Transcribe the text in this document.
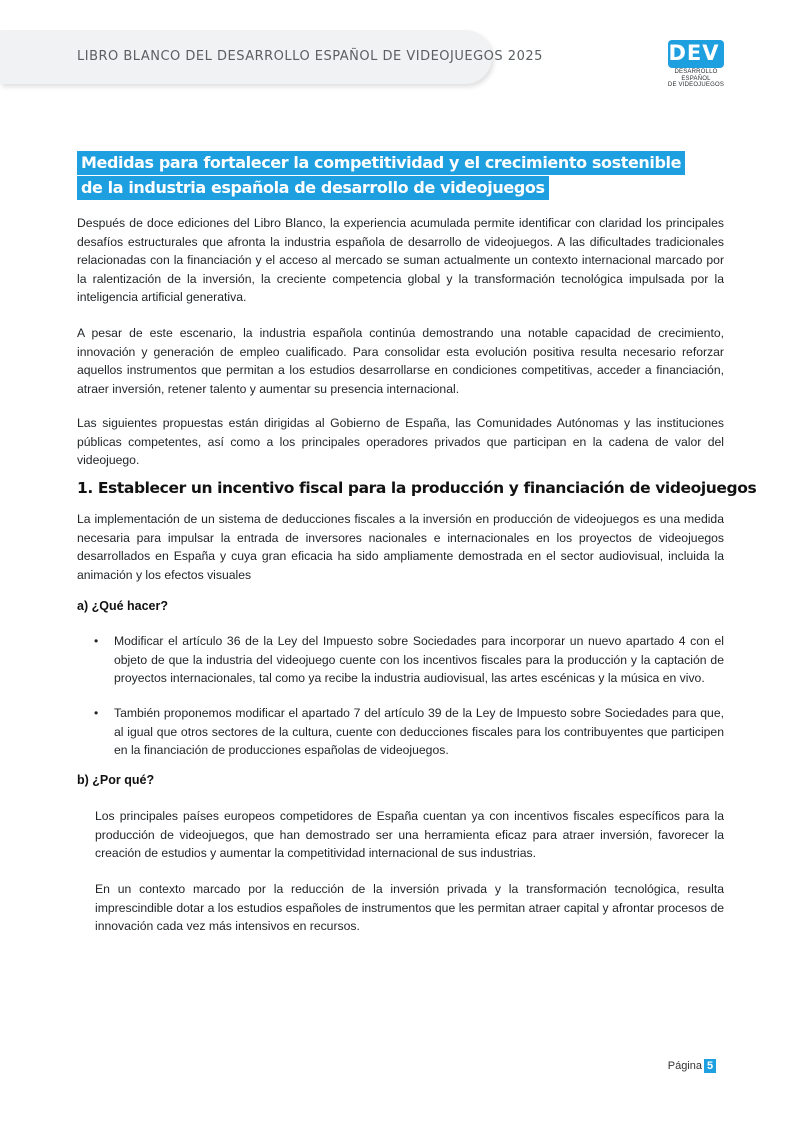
LIBRO BLANCO DEL DESARROLLO ESPAÑOL DE VIDEOJUEGOS 2025	DEV
DESARROLLO ESPAÑOL
DE VIDEOJUEGOS
Medidas para fortalecer la competitividad y el crecimiento sostenible
de la industria española de desarrollo de videojuegos

Después de doce ediciones del Libro Blanco, la experiencia acumulada permite identificar con claridad los principales desafíos estructurales que afronta la industria española de desarrollo de videojuegos. A las dificultades tradicionales relacionadas con la financiación y el acceso al mercado se suman actualmente un contexto internacional marcado por la ralentización de la inversión, la creciente competencia global y la transformación tecnológica impulsada por la inteligencia artificial generativa.

A pesar de este escenario, la industria española continúa demostrando una notable capacidad de crecimiento, innovación y generación de empleo cualificado. Para consolidar esta evolución positiva resulta necesario reforzar aquellos instrumentos que permitan a los estudios desarrollarse en condiciones competitivas, acceder a financiación, atraer inversión, retener talento y aumentar su presencia internacional.

Las siguientes propuestas están dirigidas al Gobierno de España, las Comunidades Autónomas y las instituciones públicas competentes, así como a los principales operadores privados que participan en la cadena de valor del videojuego.

1. Establecer un incentivo fiscal para la producción y financiación de videojuegos

La implementación de un sistema de deducciones fiscales a la inversión en producción de videojuegos es una medida necesaria para impulsar la entrada de inversores nacionales e internacionales en los proyectos de videojuegos desarrollados en España y cuya gran eficacia ha sido ampliamente demostrada en el sector audiovisual, incluida la animación y los efectos visuales

a) ¿Qué hacer?
• Modificar el artículo 36 de la Ley del Impuesto sobre Sociedades para incorporar un nuevo apartado 4 con el objeto de que la industria del videojuego cuente con los incentivos fiscales para la producción y la captación de proyectos internacionales, tal como ya recibe la industria audiovisual, las artes escénicas y la música en vivo.

• También proponemos modificar el apartado 7 del artículo 39 de la Ley de Impuesto sobre Sociedades para que, al igual que otros sectores de la cultura, cuente con deducciones fiscales para los contribuyentes que participen en la financiación de producciones españolas de videojuegos.

b) ¿Por qué?

Los principales países europeos competidores de España cuentan ya con incentivos fiscales específicos para la producción de videojuegos, que han demostrado ser una herramienta eficaz para atraer inversión, favorecer la creación de estudios y aumentar la competitividad internacional de sus industrias.

En un contexto marcado por la reducción de la inversión privada y la transformación tecnológica, resulta imprescindible dotar a los estudios españoles de instrumentos que les permitan atraer capital y afrontar procesos de innovación cada vez más intensivos en recursos.

Página 5
